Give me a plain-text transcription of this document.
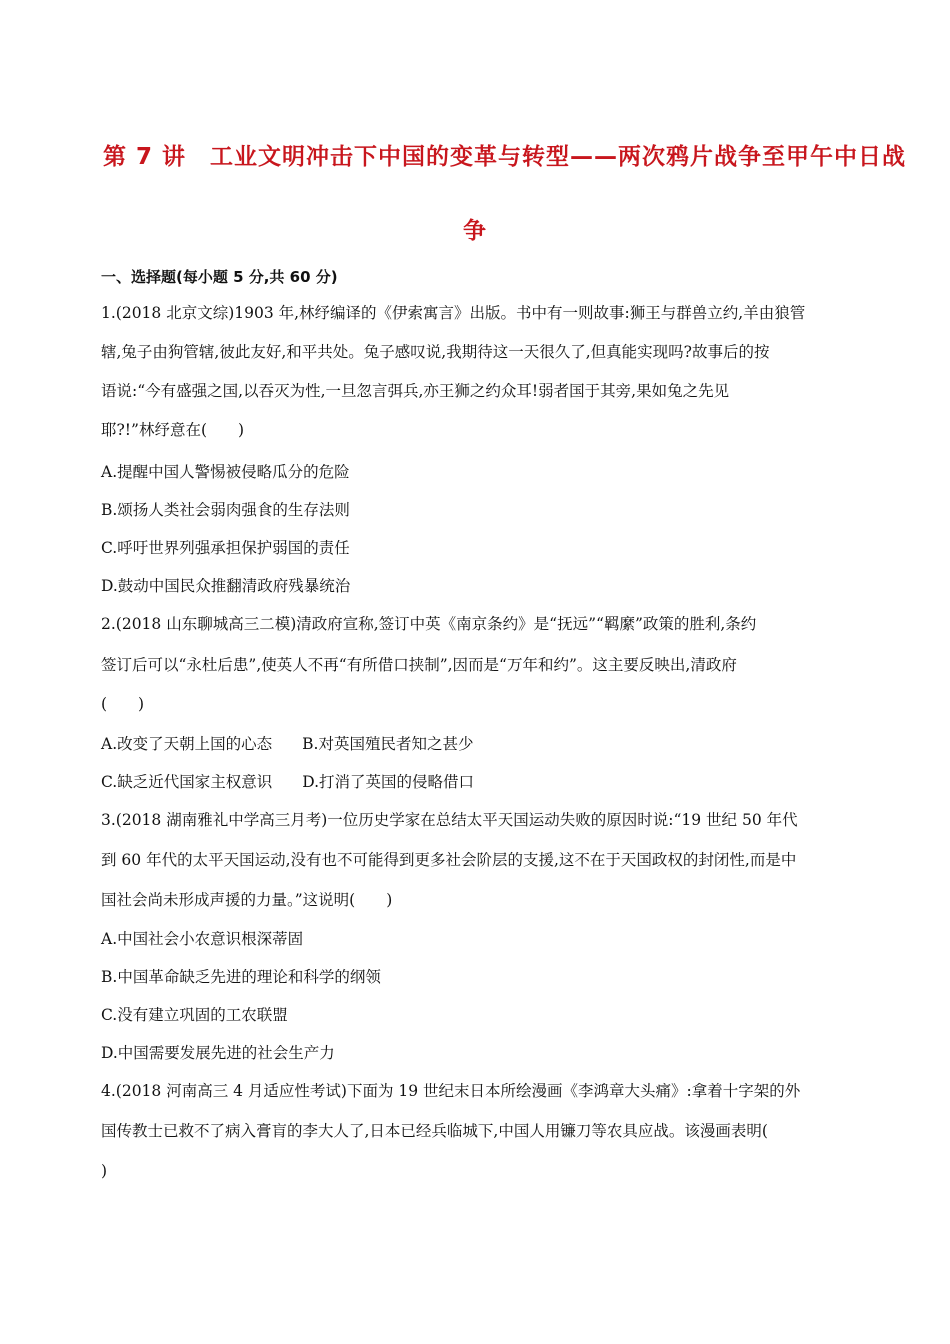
第 7 讲　工业文明冲击下中国的变革与转型——两次鸦片战争至甲午中日战
争
一、选择题(每小题 5 分,共 60 分)
1.(2018 北京文综)1903 年,林纾编译的《伊索寓言》出版。书中有一则故事:狮王与群兽立约,羊由狼管
辖,兔子由狗管辖,彼此友好,和平共处。兔子感叹说,我期待这一天很久了,但真能实现吗?故事后的按
语说:“今有盛强之国,以吞灭为性,一旦忽言弭兵,亦王狮之约众耳!弱者国于其旁,果如兔之先见
耶?!”林纾意在(　　)
A.提醒中国人警惕被侵略瓜分的危险
B.颂扬人类社会弱肉强食的生存法则
C.呼吁世界列强承担保护弱国的责任
D.鼓动中国民众推翻清政府残暴统治
2.(2018 山东聊城高三二模)清政府宣称,签订中英《南京条约》是“抚远”“羁縻”政策的胜利,条约
签订后可以“永杜后患”,使英人不再“有所借口挟制”,因而是“万年和约”。这主要反映出,清政府
(　　)
A.改变了天朝上国的心态 B.对英国殖民者知之甚少
C.缺乏近代国家主权意识 D.打消了英国的侵略借口
3.(2018 湖南雅礼中学高三月考)一位历史学家在总结太平天国运动失败的原因时说:“19 世纪 50 年代
到 60 年代的太平天国运动,没有也不可能得到更多社会阶层的支援,这不在于天国政权的封闭性,而是中
国社会尚未形成声援的力量。”这说明(　　)
A.中国社会小农意识根深蒂固
B.中国革命缺乏先进的理论和科学的纲领
C.没有建立巩固的工农联盟
D.中国需要发展先进的社会生产力
4.(2018 河南高三 4 月适应性考试)下面为 19 世纪末日本所绘漫画《李鸿章大头痛》:拿着十字架的外
国传教士已救不了病入膏肓的李大人了,日本已经兵临城下,中国人用镰刀等农具应战。该漫画表明(
)
